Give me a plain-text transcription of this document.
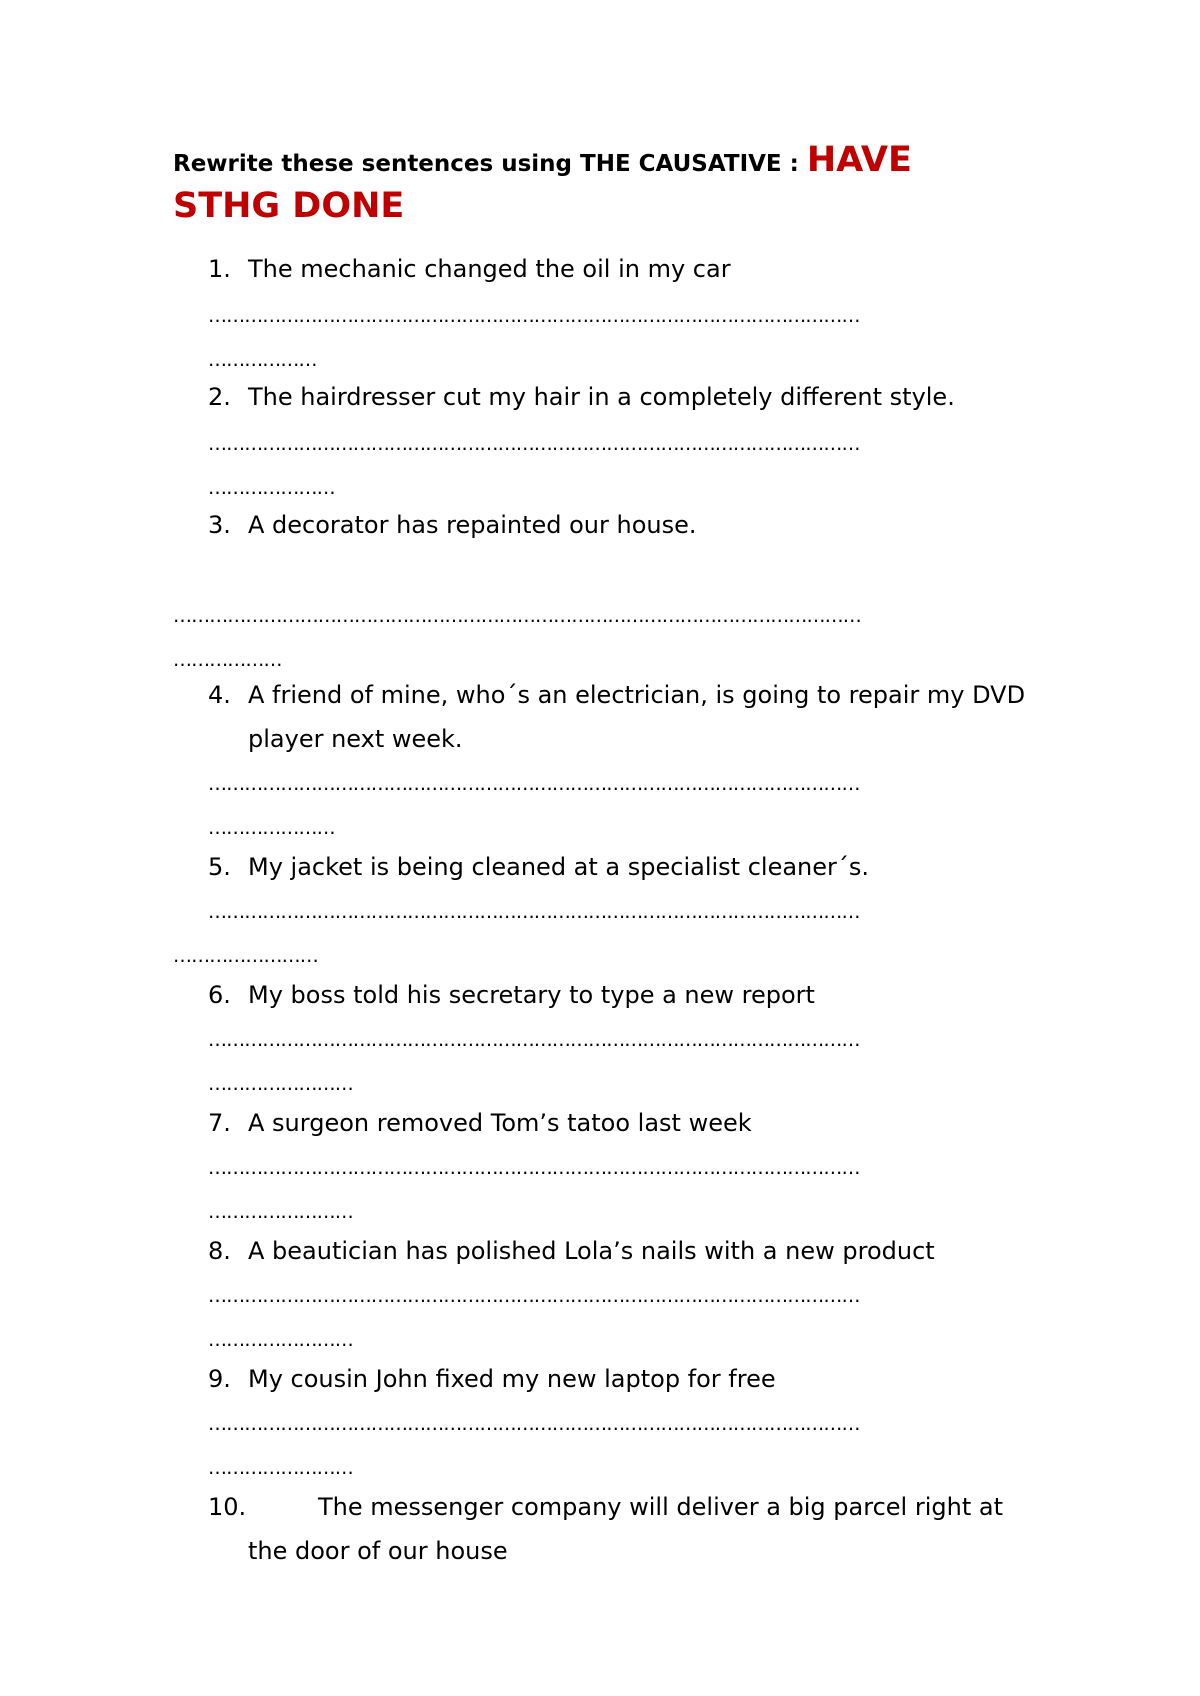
Rewrite these sentences using THE CAUSATIVE : HAVE
STHG DONE
1. The mechanic changed the oil in my car
………………………………………………………………………………………………
………………
2. The hairdresser cut my hair in a completely different style.
………………………………………………………………………………………………
…………………
3. A decorator has repainted our house.
……………………………………………………………………………………………………
………………
4. A friend of mine, who´s an electrician, is going to repair my DVD
player next week.
………………………………………………………………………………………………
…………………
5. My jacket is being cleaned at a specialist cleaner´s.
………………………………………………………………………………………………
……………………
6. My boss told his secretary to type a new report
………………………………………………………………………………………………
……………………
7. A surgeon removed Tom’s tatoo last week
………………………………………………………………………………………………
……………………
8. A beautician has polished Lola’s nails with a new product
………………………………………………………………………………………………
……………………
9. My cousin John fixed my new laptop for free
………………………………………………………………………………………………
……………………
10.	The messenger company will deliver a big parcel right at
the door of our house
